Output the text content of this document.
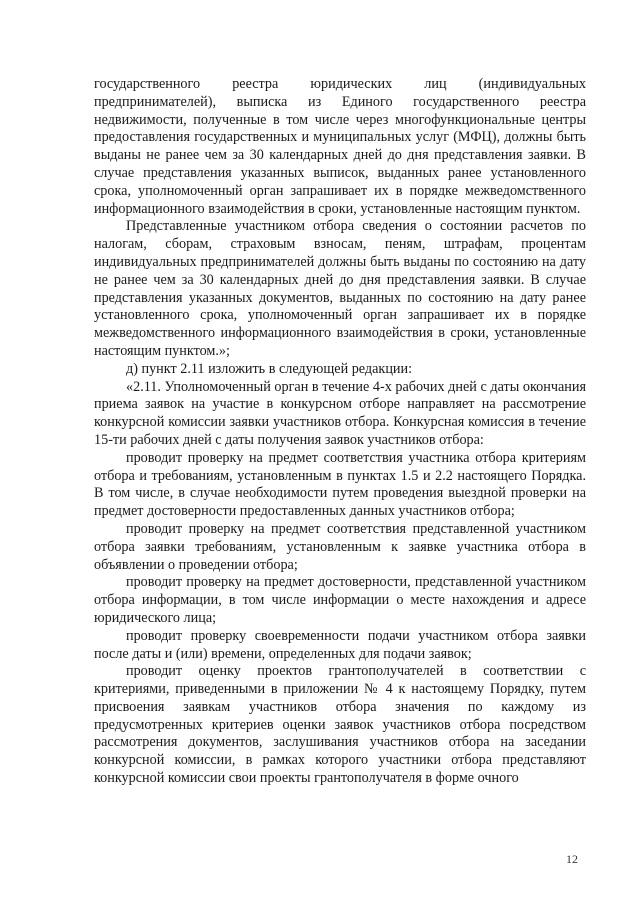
государственного реестра юридических лиц (индивидуальных предпринимателей), выписка из Единого государственного реестра недвижимости, полученные в том числе через многофункциональные центры предоставления государственных и муниципальных услуг (МФЦ), должны быть выданы не ранее чем за 30 календарных дней до дня представления заявки. В случае представления указанных выписок, выданных ранее установленного срока, уполномоченный орган запрашивает их в порядке межведомственного информационного взаимодействия в сроки, установленные настоящим пунктом.

Представленные участником отбора сведения о состоянии расчетов по налогам, сборам, страховым взносам, пеням, штрафам, процентам индивидуальных предпринимателей должны быть выданы по состоянию на дату не ранее чем за 30 календарных дней до дня представления заявки. В случае представления указанных документов, выданных по состоянию на дату ранее установленного срока, уполномоченный орган запрашивает их в порядке межведомственного информационного взаимодействия в сроки, установленные настоящим пунктом.»;

д) пункт 2.11 изложить в следующей редакции:

«2.11. Уполномоченный орган в течение 4-х рабочих дней с даты окончания приема заявок на участие в конкурсном отборе направляет на рассмотрение конкурсной комиссии заявки участников отбора. Конкурсная комиссия в течение 15-ти рабочих дней с даты получения заявок участников отбора:

проводит проверку на предмет соответствия участника отбора критериям отбора и требованиям, установленным в пунктах 1.5 и 2.2 настоящего Порядка. В том числе, в случае необходимости путем проведения выездной проверки на предмет достоверности предоставленных данных участников отбора;

проводит проверку на предмет соответствия представленной участником отбора заявки требованиям, установленным к заявке участника отбора в объявлении о проведении отбора;

проводит проверку на предмет достоверности, представленной участником отбора информации, в том числе информации о месте нахождения и адресе юридического лица;

проводит проверку своевременности подачи участником отбора заявки после даты и (или) времени, определенных для подачи заявок;

проводит оценку проектов грантополучателей в соответствии с критериями, приведенными в приложении № 4 к настоящему Порядку, путем присвоения заявкам участников отбора значения по каждому из предусмотренных критериев оценки заявок участников отбора посредством рассмотрения документов, заслушивания участников отбора на заседании конкурсной комиссии, в рамках которого участники отбора представляют конкурсной комиссии свои проекты грантополучателя в форме очного

12
